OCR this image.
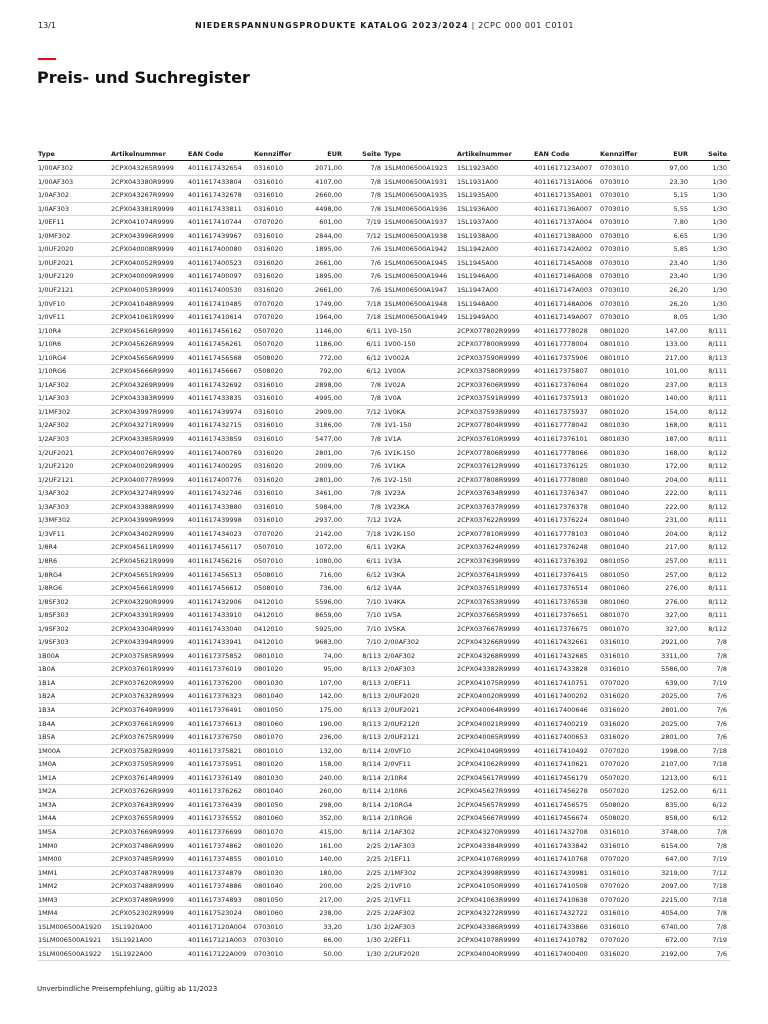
13/1	NIEDERSPANNUNGSPRODUKTE KATALOG 2023/2024 | 2CPC 000 001 C0101
Preis- und Suchregister
Type	Artikelnummer	EAN Code	Kennziffer	EUR	Seite
1/00AF302	2CPX043265R9999 4011617432654 0316010	2071,00	7/8
1/00AF303	2CPX043380R9999 4011617433804 0316010	4107,00	7/8
1/0AF302	2CPX043267R9999 4011617432678 0316010	2660,00	7/8
1/0AF303	2CPX043381R9999 4011617433811 0316010	4498,00	7/8
1/0EF11	2CPX041074R9999 4011617410744 0707020	601,00	7/19
1/0MF302	2CPX043996R9999 4011617439967 0316010	2844,00	7/12
1/0UF2020	2CPX040008R9999 4011617400080 0316020	1895,00	7/6
1/0UF2021	2CPX040052R9999 4011617400523 0316020	2661,00	7/6
1/0UF2120	2CPX040009R9999 4011617400097 0316020	1895,00	7/6
1/0UF2121	2CPX040053R9999 4011617400530 0316020	2661,00	7/6
1/0VF10	2CPX041048R9999 4011617410485 0707020	1749,00	7/18
1/0VF11	2CPX041061R9999 4011617410614 0707020	1964,00	7/18
1/10R4	2CPX045616R9999 4011617456162 0507020	1146,00	6/11
1/10R6	2CPX045626R9999 4011617456261 0507020	1186,00	6/11
1/10RG4	2CPX045656R9999 4011617456568 0508020	772,00	6/12
1/10RG6	2CPX045666R9999 4011617456667 0508020	792,00	6/12
1/1AF302	2CPX043269R9999 4011617432692 0316010	2898,00	7/8
1/1AF303	2CPX043383R9999 4011617433835 0316010	4995,00	7/8
1/1MF302	2CPX043997R9999 4011617439974 0316010	2909,00	7/12
1/2AF302	2CPX043271R9999 4011617432715 0316010	3186,00	7/8
1/2AF303	2CPX043385R9999 4011617433859 0316010	5477,00	7/8
1/2UF2021	2CPX040076R9999 4011617400769 0316020	2801,00	7/6
1/2UF2120	2CPX040029R9999 4011617400295 0316020	2009,00	7/6
1/2UF2121	2CPX040077R9999 4011617400776 0316020	2801,00	7/6
1/3AF302	2CPX043274R9999 4011617432746 0316010	3461,00	7/8
1/3AF303	2CPX043388R9999 4011617433880 0316010	5984,00	7/8
1/3MF302	2CPX043999R9999 4011617439998 0316010	2937,00	7/12
1/3VF11	2CPX043402R9999 4011617434023 0707020	2142,00	7/18
1/8R4	2CPX045611R9999 4011617456117 0507010	1072,00	6/11
1/8R6	2CPX045621R9999 4011617456216 0507010	1080,00	6/11
1/8RG4	2CPX045651R9999 4011617456513 0508010	716,00	6/12
1/8RG6	2CPX045661R9999 4011617456612 0508010	736,00	6/12
1/8SF302	2CPX043290R9999 4011617432906 0412010	5596,00	7/10
1/8SF303	2CPX043391R9999 4011617433910 0412010	8659,00	7/10
1/9SF302	2CPX043304R9999 4011617433040 0412010	5925,00	7/10
1/9SF303	2CPX043394R9999 4011617433941 0412010	9683,00	7/10
1B00A	2CPX037585R9999 4011617375852 0801010	74,00	8/113
1B0A	2CPX037601R9999 4011617376019 0801020	95,00	8/113
1B1A	2CPX037620R9999 4011617376200 0801030	107,00	8/113
1B2A	2CPX037632R9999 4011617376323 0801040	142,00	8/113
1B3A	2CPX037649R9999 4011617376491 0801050	175,00	8/113
1B4A	2CPX037661R9999 4011617376613 0801060	190,00	8/113
1B5A	2CPX037675R9999 4011617376750 0801070	236,00	8/113
1M00A	2CPX037582R9999 4011617375821 0801010	132,00	8/114
1M0A	2CPX037595R9999 4011617375951 0801020	158,00	8/114
1M1A	2CPX037614R9999 4011617376149 0801030	240,00	8/114
1M2A	2CPX037626R9999 4011617376262 0801040	260,00	8/114
1M3A	2CPX037643R9999 4011617376439 0801050	298,00	8/114
1M4A	2CPX037655R9999 4011617376552 0801060	352,00	8/114
1M5A	2CPX037669R9999 4011617376699 0801070	415,00	8/114
1MM0	2CPX037486R9999 4011617374862 0801020	161,00	2/25
1MM00	2CPX037485R9999 4011617374855 0801010	140,00	2/25
1MM1	2CPX037487R9999 4011617374879 0801030	180,00	2/25
1MM2	2CPX037488R9999 4011617374886 0801040	200,00	2/25
1MM3	2CPX037489R9999 4011617374893 0801050	217,00	2/25
1MM4	2CPX052302R9999 4011617523024 0801060	238,00	2/25
1SLM006500A1920 1SL1920A00	4011617120A004 0703010	33,20	1/30
1SLM006500A1921 1SL1921A00	4011617121A003 0703010	66,00	1/30
1SLM006500A1922 1SL1922A00	4011617122A009 0703010	50,00	1/30
Type	Artikelnummer	EAN Code	Kennziffer	EUR	Seite
1SLM006500A1923 1SL1923A00	4011617123A007 0703010	97,00	1/30
1SLM006500A1931 1SL1931A00	4011617131A006 0703010	23,30	1/30
1SLM006500A1935 1SL1935A00	4011617135A001 0703010	5,15	1/30
1SLM006500A1936 1SL1936A00	4011617136A007 0703010	5,55	1/30
1SLM006500A1937 1SL1937A00	4011617137A004 0703010	7,80	1/30
1SLM006500A1938 1SL1938A00	4011617138A000 0703010	6,65	1/30
1SLM006500A1942 1SL1942A00	4011617142A002 0703010	5,85	1/30
1SLM006500A1945 1SL1945A00	4011617145A008 0703010	23,40	1/30
1SLM006500A1946 1SL1946A00	4011617146A008 0703010	23,40	1/30
1SLM006500A1947 1SL1947A00	4011617147A003 0703010	26,20	1/30
1SLM006500A1948 1SL1948A00	4011617148A006 0703010	26,20	1/30
1SLM006500A1949 1SL1949A00	4011617149A007 0703010	8,05	1/30
1V0-150	2CPX077802R9999 4011617778028 0801020	147,00	8/111
1V00-150	2CPX077800R9999 4011617778004 0801010	133,00	8/111
1V002A	2CPX037590R9999 4011617375906 0801010	217,00	8/113
1V00A	2CPX037580R9999 4011617375807 0801010	101,00	8/111
1V02A	2CPX037606R9999 4011617376064 0801020	237,00	8/113
1V0A	2CPX037591R9999 4011617375913 0801020	140,00	8/111
1V0KA	2CPX037593R9999 4011617375937 0801020	154,00	8/112
1V1-150	2CPX077804R9999 4011617778042 0801030	168,00	8/111
1V1A	2CPX037610R9999 4011617376101 0801030	187,00	8/111
1V1K-150	2CPX077806R9999 4011617778066 0801030	168,00	8/112
1V1KA	2CPX037612R9999 4011617376125 0801030	172,00	8/112
1V2-150	2CPX077808R9999 4011617778080 0801040	204,00	8/111
1V23A	2CPX037634R9999 4011617376347 0801040	222,00	8/111
1V23KA	2CPX037637R9999 4011617376378 0801040	222,00	8/112
1V2A	2CPX037622R9999 4011617376224 0801040	231,00	8/111
1V2K-150	2CPX077810R9999 4011617778103 0801040	204,00	8/112
1V2KA	2CPX037624R9999 4011617376248 0801040	217,00	8/112
1V3A	2CPX037639R9999 4011617376392 0801050	257,00	8/111
1V3KA	2CPX037641R9999 4011617376415 0801050	257,00	8/112
1V4A	2CPX037651R9999 4011617376514 0801060	276,00	8/111
1V4KA	2CPX037653R9999 4011617376538 0801060	276,00	8/112
1V5A	2CPX037665R9999 4011617376651 0801070	327,00	8/111
1V5KA	2CPX037667R9999 4011617376675 0801070	327,00	8/112
2/00AF302	2CPX043266R9999 4011617432661 0316010	2921,00	7/8
2/0AF302	2CPX043268R9999 4011617432685 0316010	3311,00	7/8
2/0AF303	2CPX043382R9999 4011617433828 0316010	5586,00	7/8
2/0EF11	2CPX041075R9999 4011617410751 0707020	639,00	7/19
2/0UF2020	2CPX040020R9999 4011617400202 0316020	2025,00	7/6
2/0UF2021	2CPX040064R9999 4011617400646 0316020	2801,00	7/6
2/0UF2120	2CPX040021R9999 4011617400219 0316020	2025,00	7/6
2/0UF2121	2CPX040065R9999 4011617400653 0316020	2801,00	7/6
2/0VF10	2CPX041049R9999 4011617410492 0707020	1998,00	7/18
2/0VF11	2CPX041062R9999 4011617410621 0707020	2107,00	7/18
2/10R4	2CPX045617R9999 4011617456179 0507020	1213,00	6/11
2/10R6	2CPX045627R9999 4011617456278 0507020	1252,00	6/11
2/10RG4	2CPX045657R9999 4011617456575 0508020	835,00	6/12
2/10RG6	2CPX045667R9999 4011617456674 0508020	858,00	6/12
2/1AF302	2CPX043270R9999 4011617432708 0316010	3748,00	7/8
2/1AF303	2CPX043384R9999 4011617433842 0316010	6154,00	7/8
2/1EF11	2CPX041076R9999 4011617410768 0707020	647,00	7/19
2/1MF302	2CPX043998R9999 4011617439981 0316010	3219,00	7/12
2/1VF10	2CPX041050R9999 4011617410508 0707020	2097,00	7/18
2/1VF11	2CPX041063R9999 4011617410638 0707020	2215,00	7/18
2/2AF302	2CPX043272R9999 4011617432722 0316010	4054,00	7/8
2/2AF303	2CPX043386R9999 4011617433866 0316010	6740,00	7/8
2/2EF11	2CPX041078R9999 4011617410782 0707020	672,00	7/19
2/2UF2020	2CPX040040R9999 4011617400400 0316020	2192,00	7/6
Unverbindliche Preisempfehlung, gültig ab 11/2023
